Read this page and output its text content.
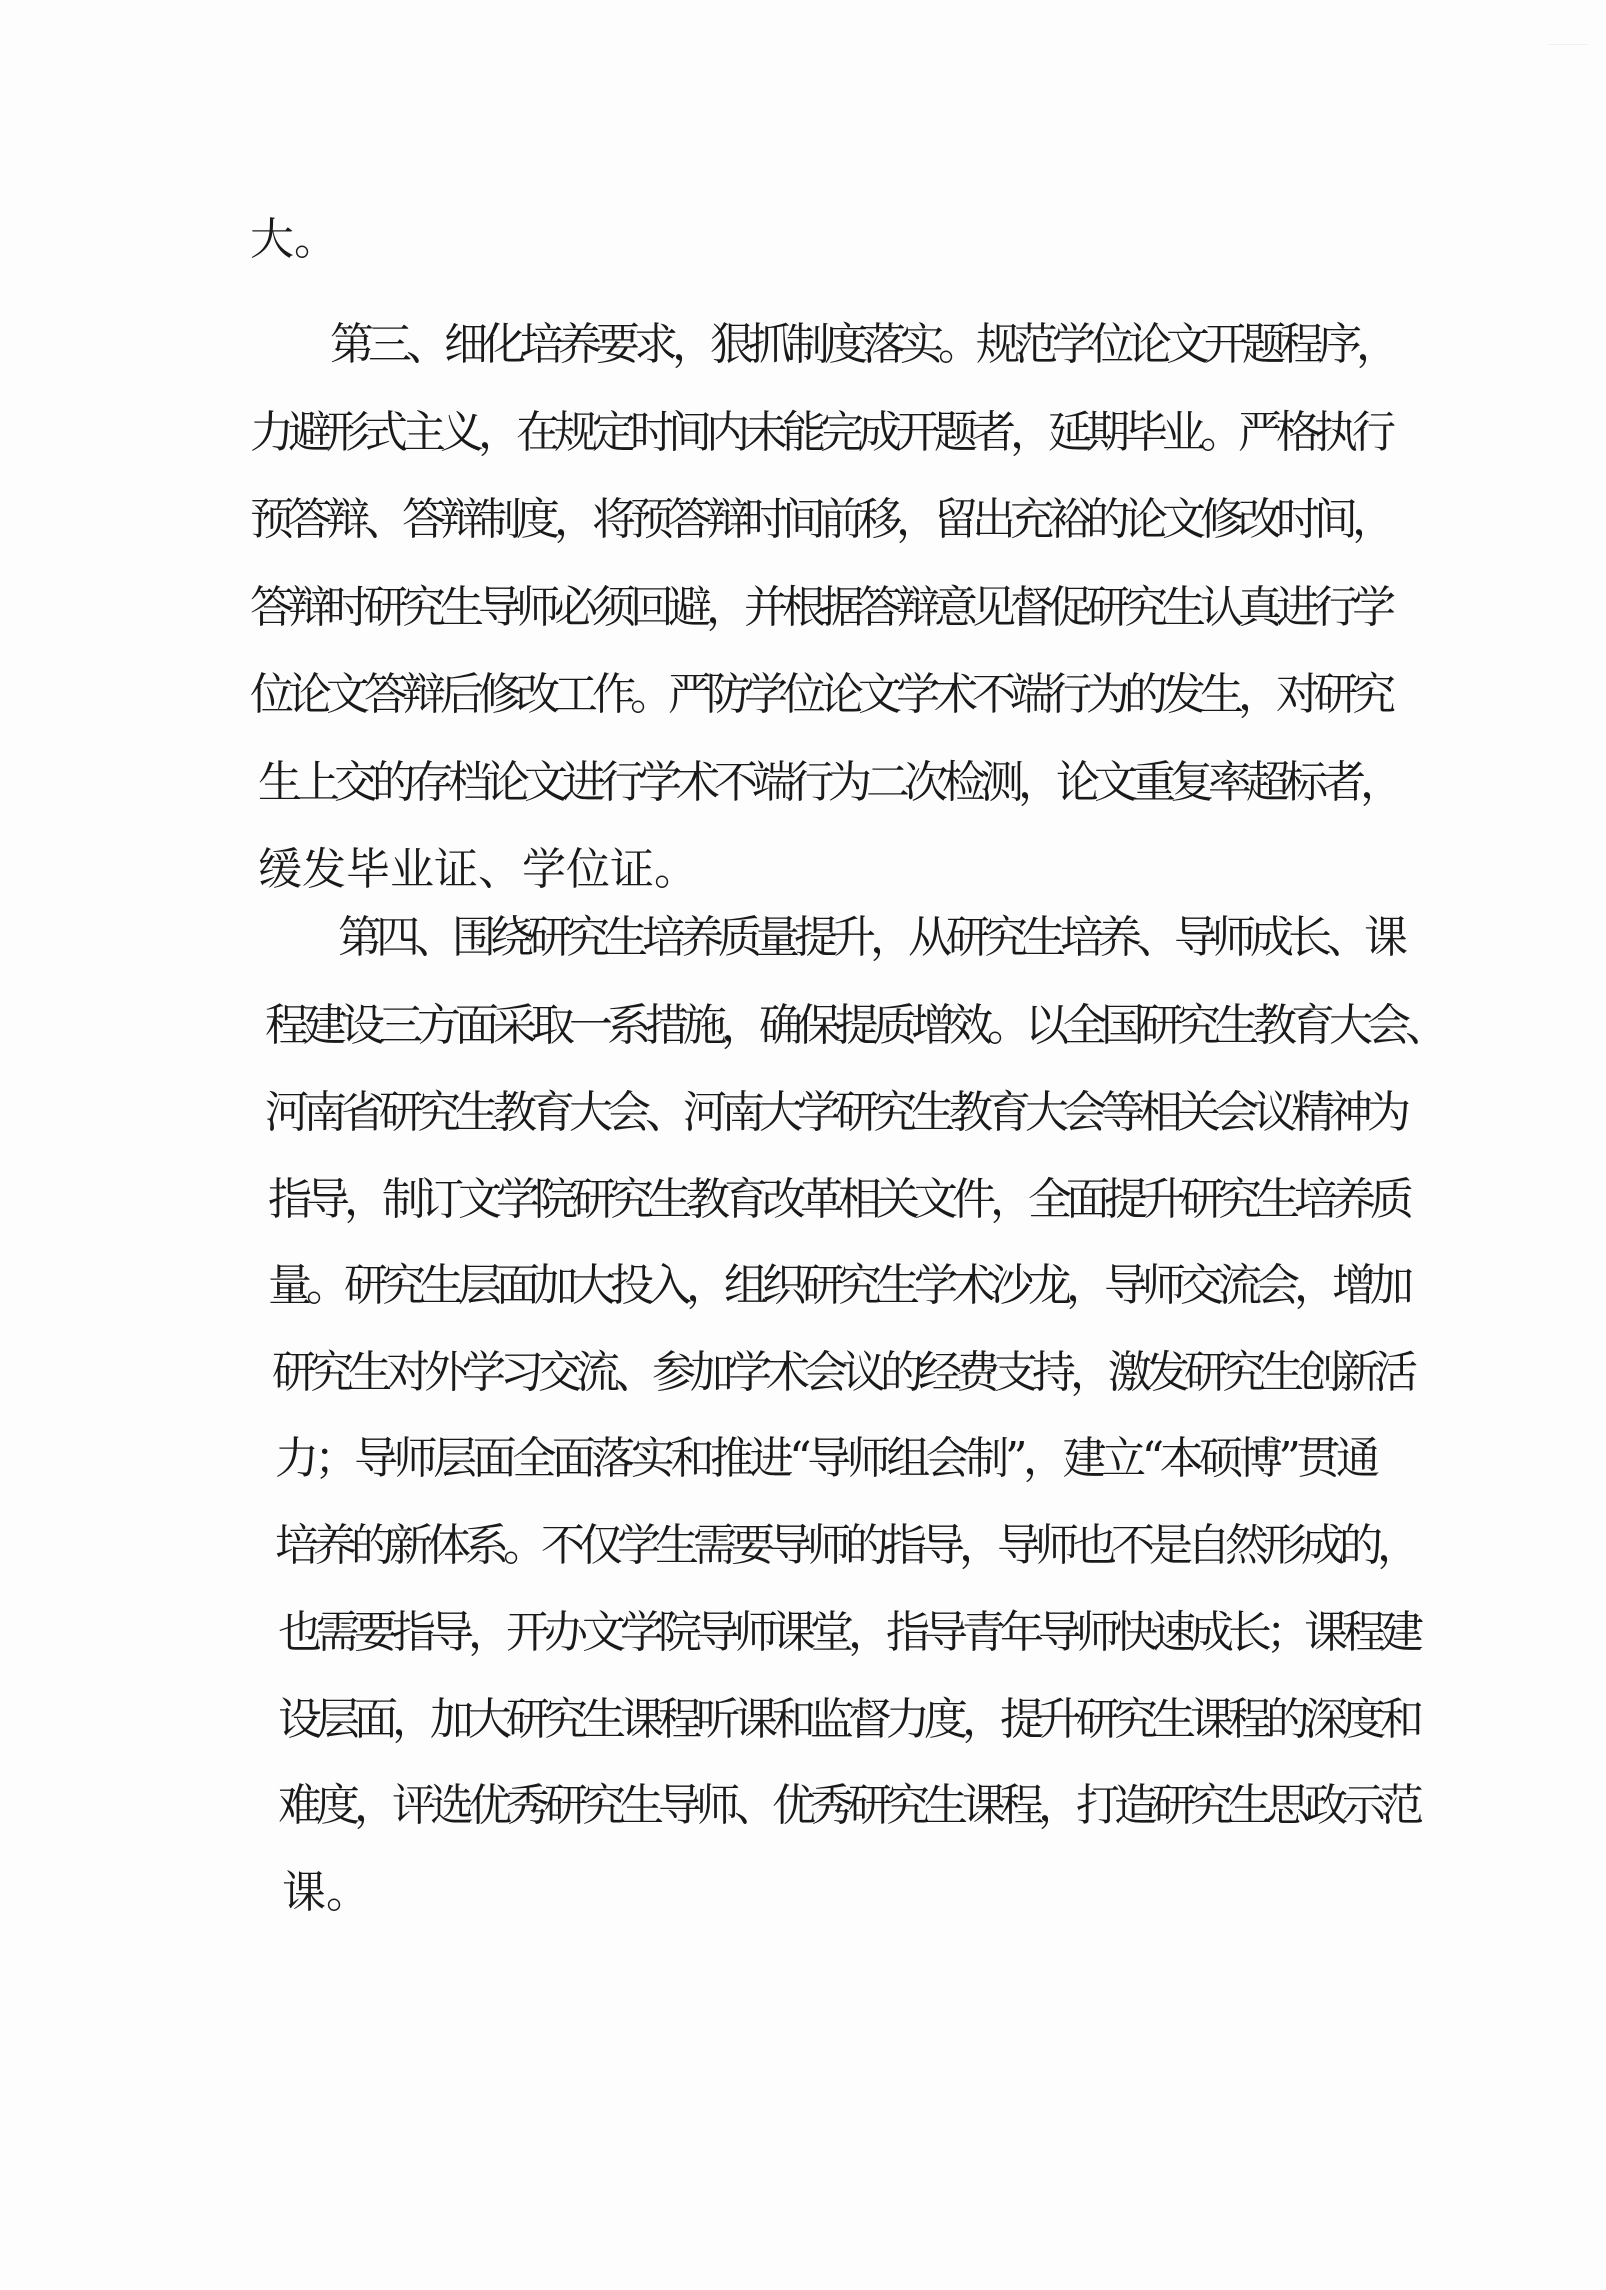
大。

第三、细化培养要求，狠抓制度落实。规范学位论文开题程序，

力避形式主义，在规定时间内未能完成开题者，延期毕业。严格执行

预答辩、答辩制度，将预答辩时间前移，留出充裕的论文修改时间，

答辩时研究生导师必须回避，并根据答辩意见督促研究生认真进行学

位论文答辩后修改工作。严防学位论文学术不端行为的发生，对研究

生上交的存档论文进行学术不端行为二次检测，论文重复率超标者，

缓发毕业证、学位证。

第四、围绕研究生培养质量提升，从研究生培养、导师成长、课

程建设三方面采取一系措施，确保提质增效。以全国研究生教育大会、

河南省研究生教育大会、河南大学研究生教育大会等相关会议精神为

指导，制订文学院研究生教育改革相关文件，全面提升研究生培养质

量。研究生层面加大投入，组织研究生学术沙龙，导师交流会，增加

研究生对外学习交流、参加学术会议的经费支持，激发研究生创新活

力；导师层面全面落实和推进“导师组会制”，建立“本硕博”贯通

培养的新体系。不仅学生需要导师的指导，导师也不是自然形成的，

也需要指导，开办文学院导师课堂，指导青年导师快速成长；课程建

设层面，加大研究生课程听课和监督力度，提升研究生课程的深度和

难度，评选优秀研究生导师、优秀研究生课程，打造研究生思政示范

课。
